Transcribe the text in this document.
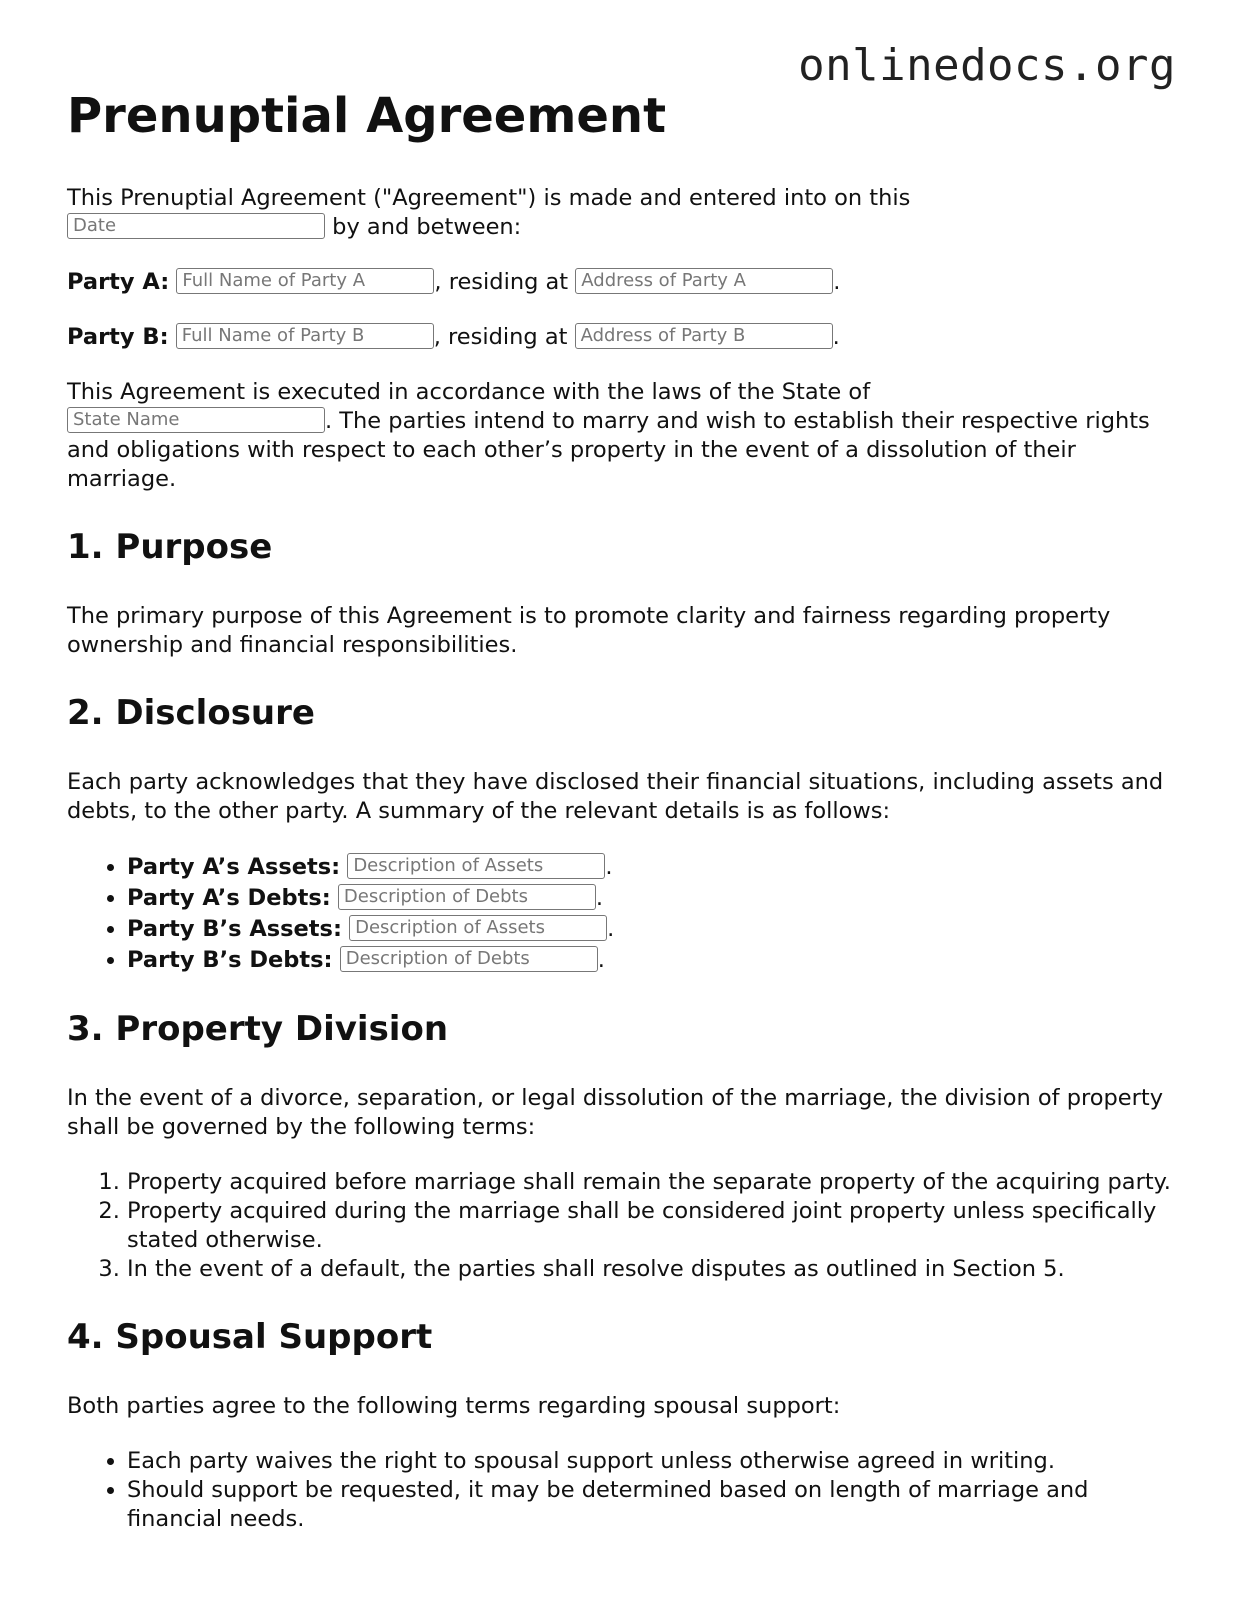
onlinedocs.org
Prenuptial Agreement

This Prenuptial Agreement ("Agreement") is made and entered into on this
Date	by and between:

Party A: Full Name of Party A	, residing at Address of Party A	.
Party B: Full Name of Party B	, residing at Address of Party B	.

This Agreement is executed in accordance with the laws of the State of
State Name	. The parties intend to marry and wish to establish their respective rights and obligations with respect to each other’s property in the event of a dissolution of their marriage.

1. Purpose

The primary purpose of this Agreement is to promote clarity and fairness regarding property ownership and financial responsibilities.

2. Disclosure

Each party acknowledges that they have disclosed their financial situations, including assets and debts, to the other party. A summary of the relevant details is as follows:

• Party A’s Assets: Description of Assets	.
• Party A’s Debts: Description of Debts	.
• Party B’s Assets: Description of Assets	.
• Party B’s Debts: Description of Debts	.
3. Property Division

In the event of a divorce, separation, or legal dissolution of the marriage, the division of property shall be governed by the following terms:

1. Property acquired before marriage shall remain the separate property of the acquiring party.
2. Property acquired during the marriage shall be considered joint property unless specifically stated otherwise.
3. In the event of a default, the parties shall resolve disputes as outlined in Section 5.
4. Spousal Support

Both parties agree to the following terms regarding spousal support:

• Each party waives the right to spousal support unless otherwise agreed in writing.
• Should support be requested, it may be determined based on length of marriage and financial needs.
